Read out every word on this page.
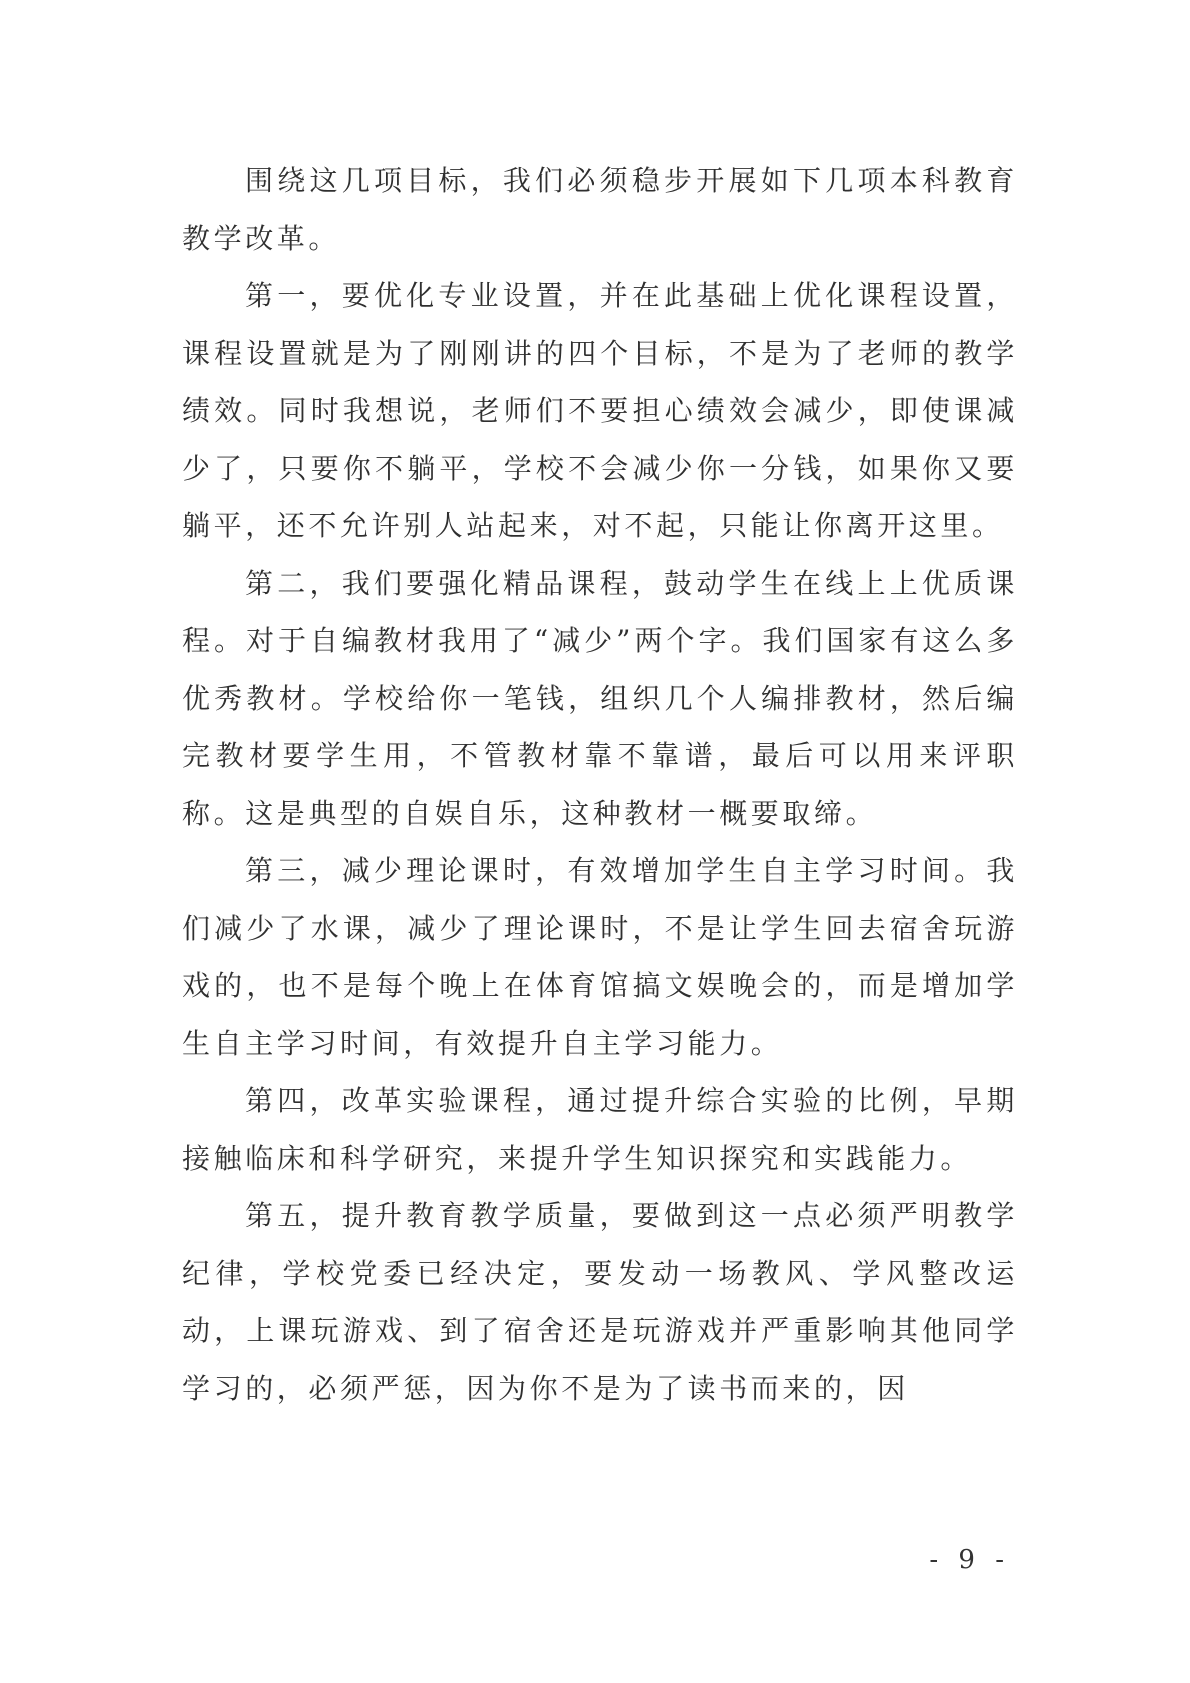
围绕这几项目标，我们必须稳步开展如下几项本科教育教学改革。

第一，要优化专业设置，并在此基础上优化课程设置，课程设置就是为了刚刚讲的四个目标，不是为了老师的教学绩效。同时我想说，老师们不要担心绩效会减少，即使课减少了，只要你不躺平，学校不会减少你一分钱，如果你又要躺平，还不允许别人站起来，对不起，只能让你离开这里。

第二，我们要强化精品课程，鼓动学生在线上上优质课程。对于自编教材我用了“减少”两个字。我们国家有这么多优秀教材。学校给你一笔钱，组织几个人编排教材，然后编完教材要学生用，不管教材靠不靠谱，最后可以用来评职称。这是典型的自娱自乐，这种教材一概要取缔。

第三，减少理论课时，有效增加学生自主学习时间。我们减少了水课，减少了理论课时，不是让学生回去宿舍玩游戏的，也不是每个晚上在体育馆搞文娱晚会的，而是增加学生自主学习时间，有效提升自主学习能力。

第四，改革实验课程，通过提升综合实验的比例，早期接触临床和科学研究，来提升学生知识探究和实践能力。

第五，提升教育教学质量，要做到这一点必须严明教学纪律，学校党委已经决定，要发动一场教风、学风整改运动，上课玩游戏、到了宿舍还是玩游戏并严重影响其他同学学习的，必须严惩，因为你不是为了读书而来的，因

- 9 -
